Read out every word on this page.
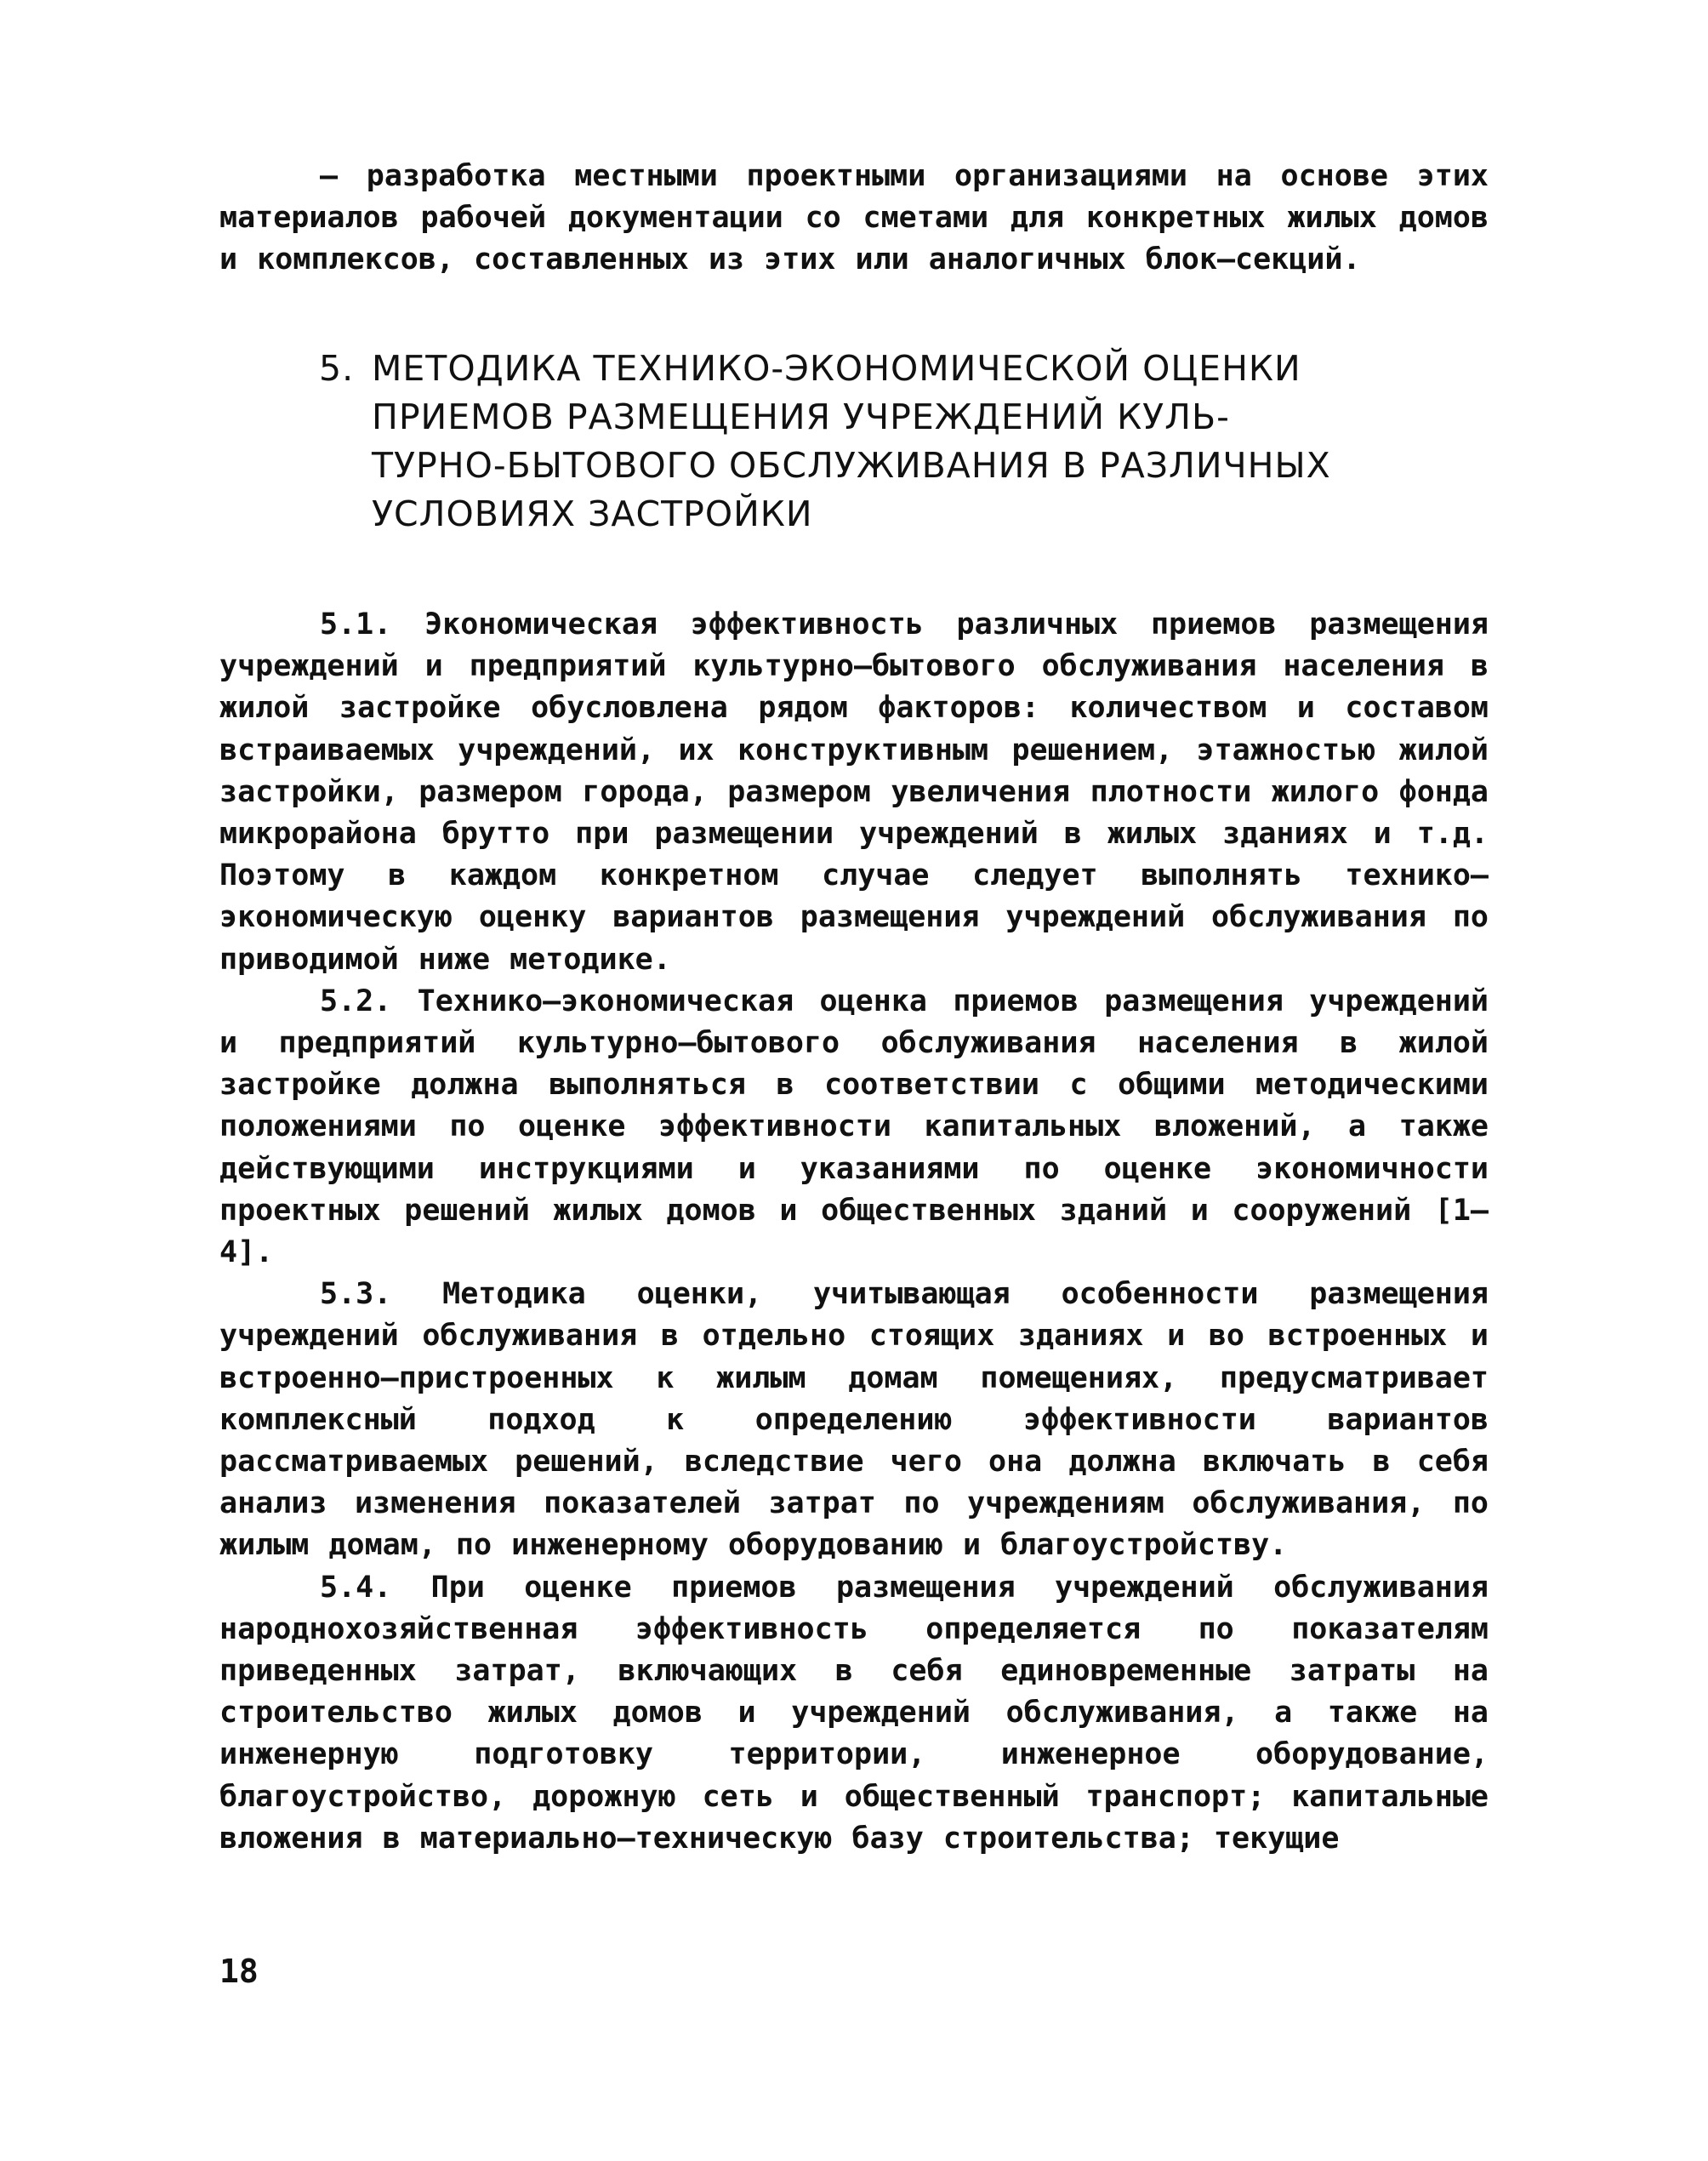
– разработка местными проектными организациями на основе этих материалов рабочей документации со сметами для конкретных жилых домов и комплексов, составленных из этих или аналогичных блок–секций.

5. МЕТОДИКА ТЕХНИКО-ЭКОНОМИЧЕСКОЙ ОЦЕНКИ
ПРИЕМОВ РАЗМЕЩЕНИЯ УЧРЕЖДЕНИЙ КУЛЬ-
ТУРНО-БЫТОВОГО ОБСЛУЖИВАНИЯ В РАЗЛИЧНЫХ
УСЛОВИЯХ ЗАСТРОЙКИ

5.1. Экономическая эффективность различных приемов размещения учреждений и предприятий культурно–бытового обслуживания населения в жилой застройке обусловлена рядом факторов: количеством и составом встраиваемых учреждений, их конструктивным решением, этажностью жилой застройки, размером города, размером увеличения плотности жилого фонда микрорайона брутто при размещении учреждений в жилых зданиях и т.д. Поэтому в каждом конкретном случае следует выполнять технико–экономическую оценку вариантов размещения учреждений обслуживания по приводимой ниже методике.

5.2. Технико–экономическая оценка приемов размещения учреждений и предприятий культурно–бытового обслуживания населения в жилой застройке должна выполняться в соответствии с общими методическими положениями по оценке эффективности капитальных вложений, а также действующими инструкциями и указаниями по оценке экономичности проектных решений жилых домов и общественных зданий и сооружений [1–4].

5.3. Методика оценки, учитывающая особенности размещения учреждений обслуживания в отдельно стоящих зданиях и во встроенных и встроенно–пристроенных к жилым домам помещениях, предусматривает комплексный подход к определению эффективности вариантов рассматриваемых решений, вследствие чего она должна включать в себя анализ изменения показателей затрат по учреждениям обслуживания, по жилым домам, по инженерному оборудованию и благоустройству.

5.4. При оценке приемов размещения учреждений обслуживания народнохозяйственная эффективность определяется по показателям приведенных затрат, включающих в себя единовременные затраты на строительство жилых домов и учреждений обслуживания, а также на инженерную подготовку территории, инженерное оборудование, благоустройство, дорожную сеть и общественный транспорт; капитальные вложения в материально–техническую базу строительства; текущие

18
